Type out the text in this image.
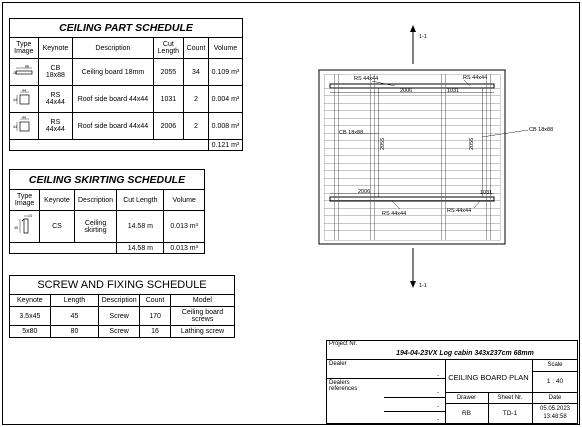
CEILING PART SCHEDULE
Type Image	Keynote	Description	Cut Length	Count	Volume

88
18	CB 18x88	Ceiling board 18mm	2055	34	0.109 m³

44
44	RS 44x44	Roof side board 44x44	1031	2	0.004 m³

44
44	RS 44x44	Roof side board 44x44	2006	2	0.008 m³
					0.121 m³
CEILING SKIRTING SCHEDULE
Type Image	Keynote	Description	Cut Length	Volume

15
45	CS	Ceiling skirting	14.58 m	0.013 m³
			14.58 m	0.013 m³
SCREW AND FIXING SCHEDULE
Keynote	Length	Description	Count	Model
3.5x45	45	Screw	170	Ceiling board screws
5x80	80	Screw	16	Lathing screw
1-1
1-1
RS 44x44	RS 44x44
2006	1031
CB 18x88	CB 18x88
2055	2056
2006	1031
RS 44x44	RS 44x44
Project Nr.
194-04-23VX Log cabin 343x237cm 68mm
Dealer
-
Dealers references
-
-
-
CEILING BOARD PLAN
Scale
1 : 40
Drawer	Sheet Nr.	Date
RB	TD-1
05.05.2023
13:48:58
